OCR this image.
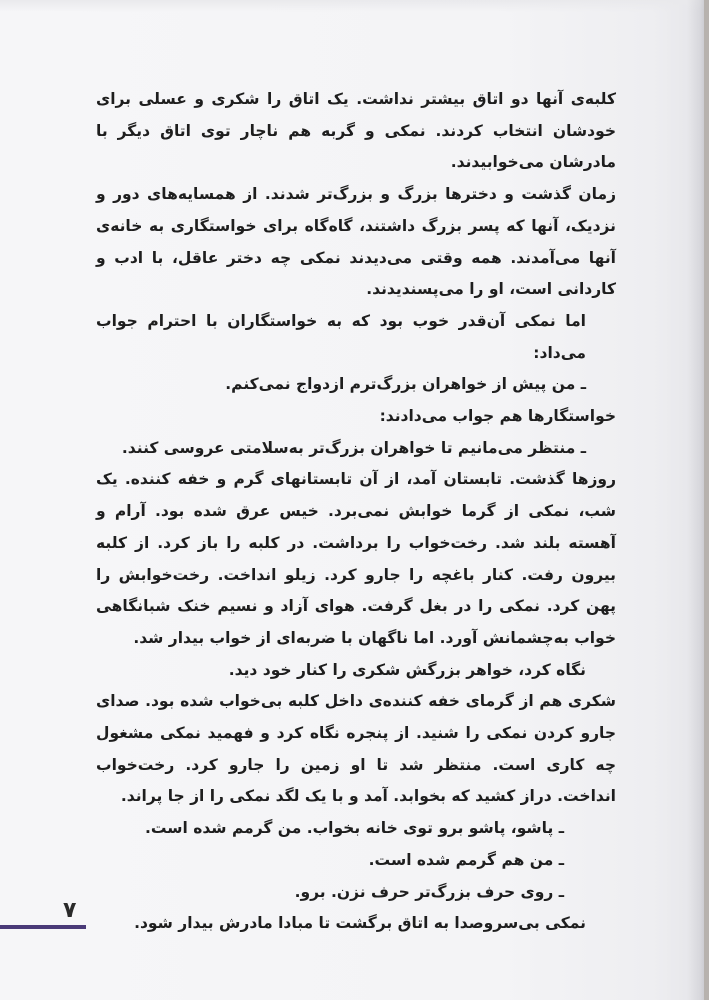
کلبه‌ی آنها دو اتاق بیشتر نداشت. یک اتاق را شکری و عسلی برای خودشان انتخاب کردند. نمکی و گربه هم ناچار توی اتاق دیگر با مادرشان می‌خوابیدند.

زمان گذشت و دخترها بزرگ و بزرگ‌تر شدند. از همسایه‌های دور و نزدیک، آنها که پسر بزرگ داشتند، گاه‌گاه برای خواستگاری به خانه‌ی آنها می‌آمدند. همه وقتی می‌دیدند نمکی چه دختر عاقل، با ادب و کاردانی است، او را می‌پسندیدند.

اما نمکی آن‌قدر خوب بود که به خواستگاران با احترام جواب می‌داد:

ـ من پیش از خواهران بزرگ‌ترم ازدواج نمی‌کنم.

خواستگارها هم جواب می‌دادند:

ـ منتظر می‌مانیم تا خواهران بزرگ‌تر به‌سلامتی عروسی کنند.

روزها گذشت. تابستان آمد، از آن تابستانهای گرم و خفه کننده. یک شب، نمکی از گرما خوابش نمی‌برد. خیس عرق شده بود. آرام و آهسته بلند شد. رخت‌خواب را برداشت. در کلبه را باز کرد. از کلبه بیرون رفت. کنار باغچه را جارو کرد. زیلو انداخت. رخت‌خوابش را پهن کرد. نمکی را در بغل گرفت. هوای آزاد و نسیم خنک شبانگاهی خواب به‌چشمانش آورد. اما ناگهان با ضربه‌ای از خواب بیدار شد.

نگاه کرد، خواهر بزرگش شکری را کنار خود دید.

شکری هم از گرمای خفه کننده‌ی داخل کلبه بی‌خواب شده بود. صدای جارو کردن نمکی را شنید. از پنجره نگاه کرد و فهمید نمکی مشغول چه کاری است. منتظر شد تا او زمین را جارو کرد. رخت‌خواب انداخت. دراز کشید که بخوابد. آمد و با یک لگد نمکی را از جا پراند.

ـ پاشو، پاشو برو توی خانه بخواب. من گرمم شده است.

ـ من هم گرمم شده است.

ـ روی حرف بزرگ‌تر حرف نزن. برو.

نمکی بی‌سروصدا به اتاق برگشت تا مبادا مادرش بیدار شود.

۷
